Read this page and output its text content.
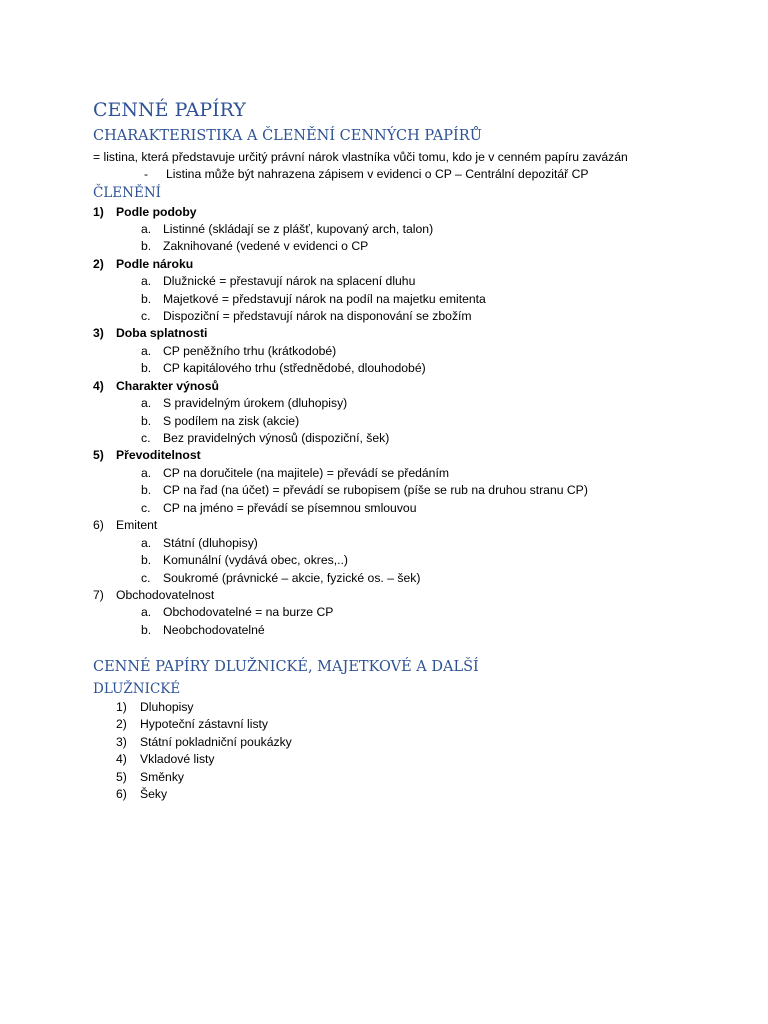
CENNÉ PAPÍRY
CHARAKTERISTIKA A ČLENĚNÍ CENNÝCH PAPÍRŮ
= listina, která představuje určitý právní nárok vlastníka vůči tomu, kdo je v cenném papíru zavázán
- Listina může být nahrazena zápisem v evidenci o CP – Centrální depozitář CP
ČLENĚNÍ
1) Podle podoby
a. Listinné (skládají se z plášť, kupovaný arch, talon)
b. Zaknihované (vedené v evidenci o CP
2) Podle nároku
a. Dlužnické = přestavují nárok na splacení dluhu
b. Majetkové = představují nárok na podíl na majetku emitenta
c. Dispoziční = představují nárok na disponování se zbožím
3) Doba splatnosti
a. CP peněžního trhu (krátkodobé)
b. CP kapitálového trhu (střednědobé, dlouhodobé)
4) Charakter výnosů
a. S pravidelným úrokem (dluhopisy)
b. S podílem na zisk (akcie)
c. Bez pravidelných výnosů (dispoziční, šek)
5) Převoditelnost
a. CP na doručitele (na majitele) = převádí se předáním
b. CP na řad (na účet) = převádí se rubopisem (píše se rub na druhou stranu CP)
c. CP na jméno = převádí se písemnou smlouvou
6) Emitent
a. Státní (dluhopisy)
b. Komunální (vydává obec, okres,..)
c. Soukromé (právnické – akcie, fyzické os. – šek)
7) Obchodovatelnost
a. Obchodovatelné = na burze CP
b. Neobchodovatelné
CENNÉ PAPÍRY DLUŽNICKÉ, MAJETKOVÉ A DALŠÍ
DLUŽNICKÉ
1) Dluhopisy
2) Hypoteční zástavní listy
3) Státní pokladniční poukázky
4) Vkladové listy
5) Směnky
6) Šeky
